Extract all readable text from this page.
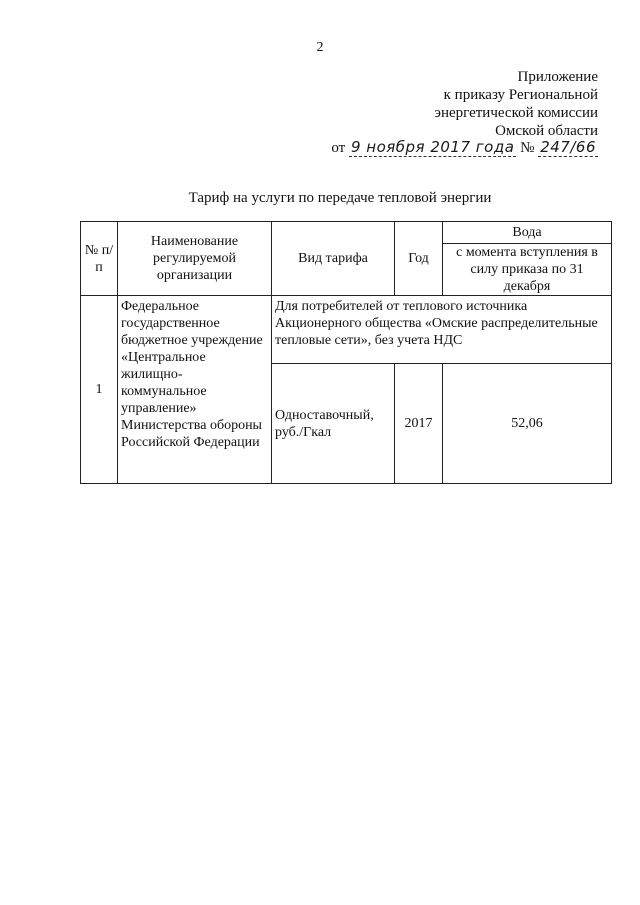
2
Приложение
к приказу Региональной
энергетической комиссии
Омской области
от 9 ноября 2017 года № 247/66
Тариф на услуги по передаче тепловой энергии
№ п/п	Наименование регулируемой организации	Вид тарифа	Год	Вода
				с момента вступления в силу приказа по 31 декабря
1	Федеральное государственное бюджетное учреждение «Центральное жилищно-коммунальное управление» Министерства обороны Российской Федерации	Для потребителей от теплового источника Акционерного общества «Омские распределительные тепловые сети», без учета НДС		
		Одноставочный, руб./Гкал	2017	52,06
